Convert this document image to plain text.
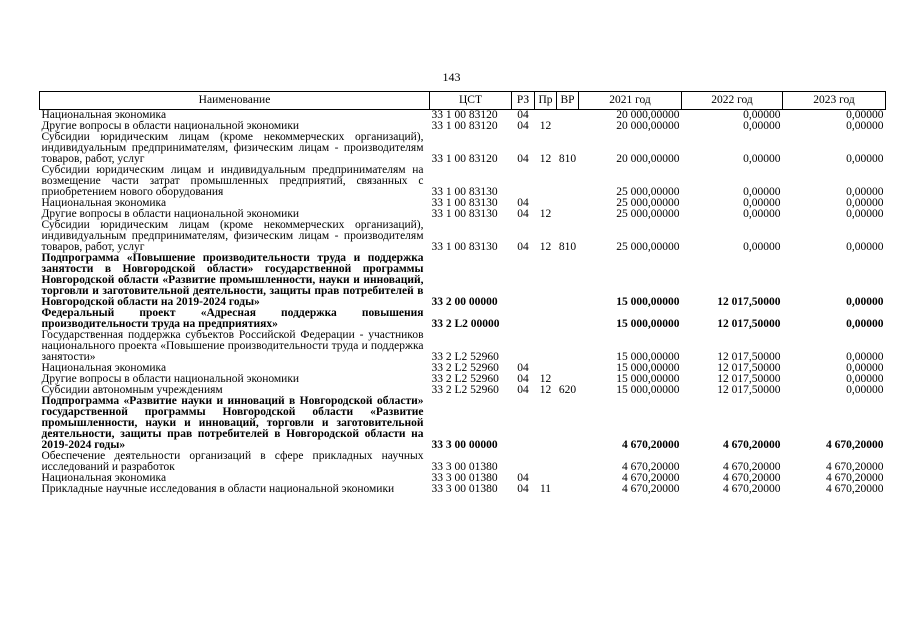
143
Наименование	ЦСТ	РЗ	Пр	ВР	2021 год	2022 год	2023 год
Национальная экономика	33 1 00 83120	04			20 000,00000	0,00000	0,00000
Другие вопросы в области национальной экономики	33 1 00 83120	04	12		20 000,00000	0,00000	0,00000
Субсидии юридическим лицам (кроме некоммерческих организаций), индивидуальным предпринимателям, физическим лицам - производителям товаров, работ, услуг	33 1 00 83120	04	12	810	20 000,00000	0,00000	0,00000
Субсидии юридическим лицам и индивидуальным предпринимателям на возмещение части затрат промышленных предприятий, связанных с приобретением нового оборудования	33 1 00 83130				25 000,00000	0,00000	0,00000
Национальная экономика	33 1 00 83130	04			25 000,00000	0,00000	0,00000
Другие вопросы в области национальной экономики	33 1 00 83130	04	12		25 000,00000	0,00000	0,00000
Субсидии юридическим лицам (кроме некоммерческих организаций), индивидуальным предпринимателям, физическим лицам - производителям товаров, работ, услуг	33 1 00 83130	04	12	810	25 000,00000	0,00000	0,00000
Подпрограмма «Повышение производительности труда и поддержка занятости в Новгородской области» государственной программы Новгородской области «Развитие промышленности, науки и инноваций, торговли и заготовительной деятельности, защиты прав потребителей в Новгородской области на 2019-2024 годы»	33 2 00 00000				15 000,00000	12 017,50000	0,00000
Федеральный проект «Адресная поддержка повышения производительности труда на предприятиях»	33 2 L2 00000				15 000,00000	12 017,50000	0,00000
Государственная поддержка субъектов Российской Федерации - участников национального проекта «Повышение производительности труда и поддержка занятости»	33 2 L2 52960				15 000,00000	12 017,50000	0,00000
Национальная экономика	33 2 L2 52960	04			15 000,00000	12 017,50000	0,00000
Другие вопросы в области национальной экономики	33 2 L2 52960	04	12		15 000,00000	12 017,50000	0,00000
Субсидии автономным учреждениям	33 2 L2 52960	04	12	620	15 000,00000	12 017,50000	0,00000
Подпрограмма «Развитие науки и инноваций в Новгородской области» государственной программы Новгородской области «Развитие промышленности, науки и инноваций, торговли и заготовительной деятельности, защиты прав потребителей в Новгородской области на 2019-2024 годы»	33 3 00 00000				4 670,20000	4 670,20000	4 670,20000
Обеспечение деятельности организаций в сфере прикладных научных исследований и разработок	33 3 00 01380				4 670,20000	4 670,20000	4 670,20000
Национальная экономика	33 3 00 01380	04			4 670,20000	4 670,20000	4 670,20000
Прикладные научные исследования в области национальной экономики	33 3 00 01380	04	11		4 670,20000	4 670,20000	4 670,20000
